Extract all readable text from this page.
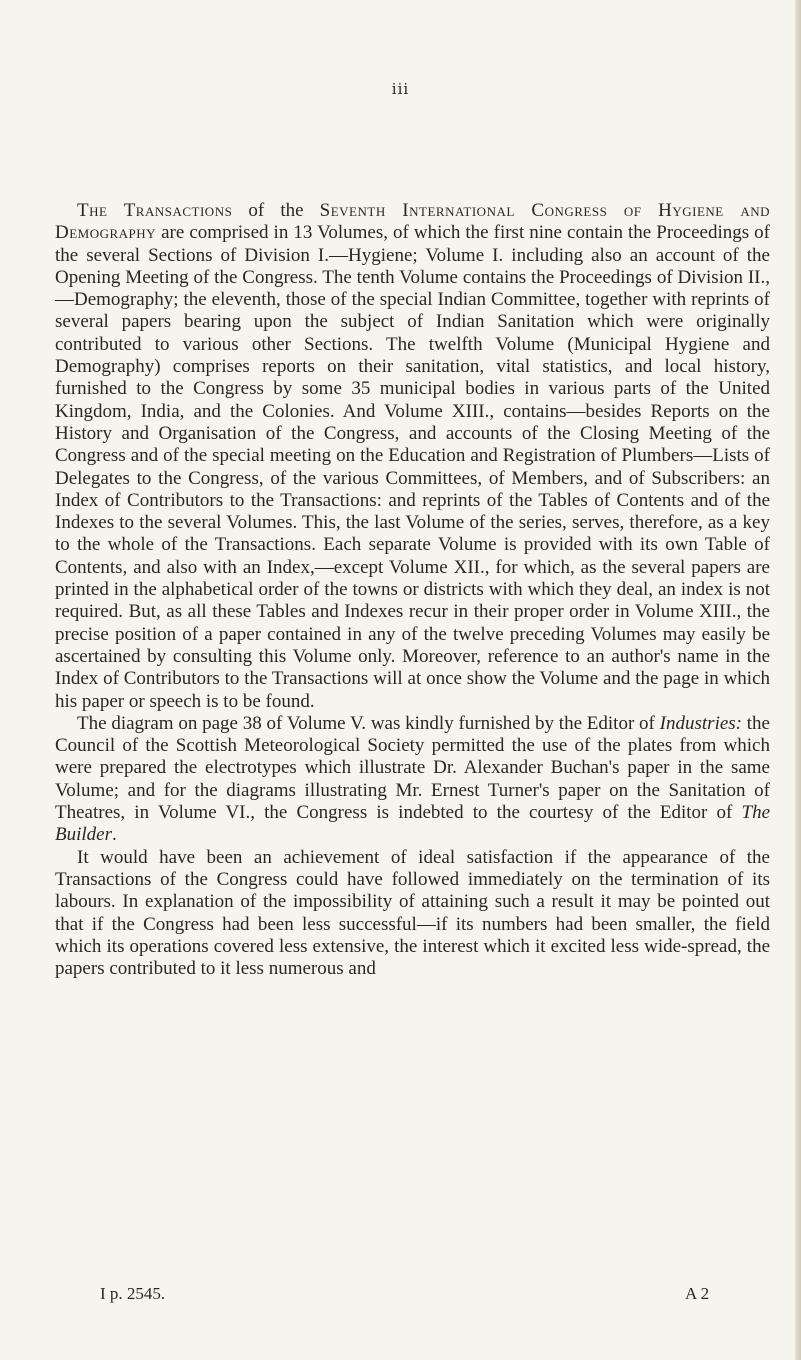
iii

The Transactions of the Seventh International Congress of Hygiene and Demography are comprised in 13 Volumes, of which the first nine contain the Proceedings of the several Sections of Division I.—Hygiene; Volume I. including also an account of the Opening Meeting of the Congress. The tenth Volume contains the Proceedings of Division II.,—Demography; the eleventh, those of the special Indian Committee, together with reprints of several papers bearing upon the subject of Indian Sanitation which were originally contributed to various other Sections. The twelfth Volume (Municipal Hygiene and Demography) comprises reports on their sanitation, vital statistics, and local history, furnished to the Congress by some 35 municipal bodies in various parts of the United Kingdom, India, and the Colonies. And Volume XIII., contains—besides Reports on the History and Organisation of the Congress, and accounts of the Closing Meeting of the Congress and of the special meeting on the Education and Registration of Plumbers—Lists of Delegates to the Congress, of the various Committees, of Members, and of Subscribers: an Index of Contributors to the Transactions: and reprints of the Tables of Contents and of the Indexes to the several Volumes. This, the last Volume of the series, serves, therefore, as a key to the whole of the Transactions. Each separate Volume is provided with its own Table of Contents, and also with an Index,—except Volume XII., for which, as the several papers are printed in the alphabetical order of the towns or districts with which they deal, an index is not required. But, as all these Tables and Indexes recur in their proper order in Volume XIII., the precise position of a paper contained in any of the twelve preceding Volumes may easily be ascertained by consulting this Volume only. Moreover, reference to an author's name in the Index of Contributors to the Transactions will at once show the Volume and the page in which his paper or speech is to be found.

The diagram on page 38 of Volume V. was kindly furnished by the Editor of Industries: the Council of the Scottish Meteorological Society permitted the use of the plates from which were prepared the electrotypes which illustrate Dr. Alexander Buchan's paper in the same Volume; and for the diagrams illustrating Mr. Ernest Turner's paper on the Sanitation of Theatres, in Volume VI., the Congress is indebted to the courtesy of the Editor of The Builder.

It would have been an achievement of ideal satisfaction if the appearance of the Transactions of the Congress could have followed immediately on the termination of its labours. In explanation of the impossibility of attaining such a result it may be pointed out that if the Congress had been less successful—if its numbers had been smaller, the field which its operations covered less extensive, the interest which it excited less wide-spread, the papers contributed to it less numerous and

I p. 2545.	A 2
